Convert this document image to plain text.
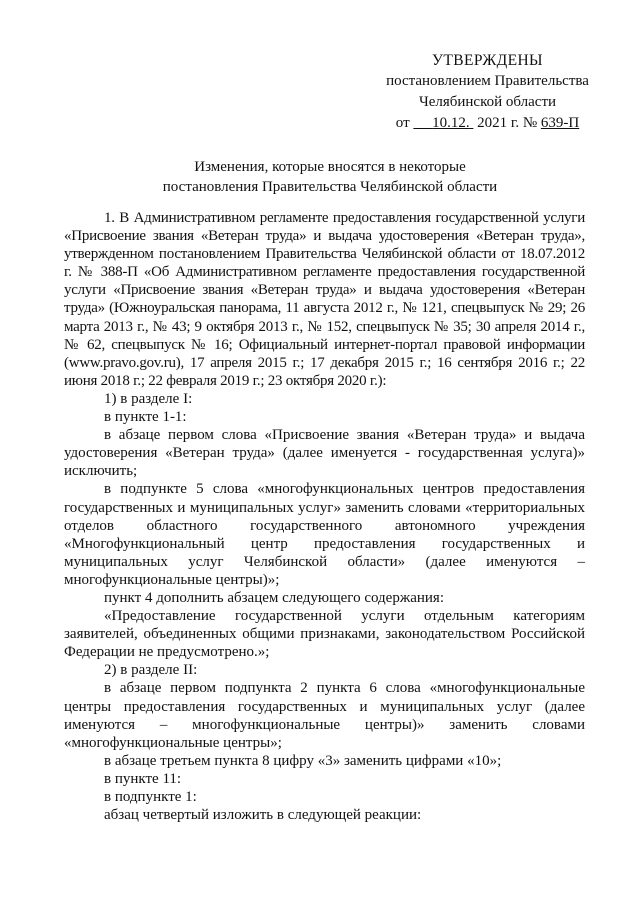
УТВЕРЖДЕНЫ
постановлением Правительства
Челябинской области
от 10.12. 2021 г. № 639-П
Изменения, которые вносятся в некоторые
постановления Правительства Челябинской области

1. В Административном регламенте предоставления государственной услуги «Присвоение звания «Ветеран труда» и выдача удостоверения «Ветеран труда», утвержденном постановлением Правительства Челябинской области от 18.07.2012 г. № 388-П «Об Административном регламенте предоставления государственной услуги «Присвоение звания «Ветеран труда» и выдача удостоверения «Ветеран труда» (Южноуральская панорама, 11 августа 2012 г., № 121, спецвыпуск № 29; 26 марта 2013 г., № 43; 9 октября 2013 г., № 152, спецвыпуск № 35; 30 апреля 2014 г., № 62, спецвыпуск № 16; Официальный интернет-портал правовой информации (www.pravo.gov.ru), 17 апреля 2015 г.; 17 декабря 2015 г.; 16 сентября 2016 г.; 22 июня 2018 г.; 22 февраля 2019 г.; 23 октября 2020 г.):

1) в разделе I:

в пункте 1-1:

в абзаце первом слова «Присвоение звания «Ветеран труда» и выдача удостоверения «Ветеран труда» (далее именуется - государственная услуга)» исключить;

в подпункте 5 слова «многофункциональных центров предоставления государственных и муниципальных услуг» заменить словами «территориальных отделов областного государственного автономного учреждения «Многофункциональный центр предоставления государственных и муниципальных услуг Челябинской области» (далее именуются – многофункциональные центры)»;

пункт 4 дополнить абзацем следующего содержания:

«Предоставление государственной услуги отдельным категориям заявителей, объединенных общими признаками, законодательством Российской Федерации не предусмотрено.»;

2) в разделе II:

в абзаце первом подпункта 2 пункта 6 слова «многофункциональные центры предоставления государственных и муниципальных услуг (далее именуются – многофункциональные центры)» заменить словами «многофункциональные центры»;

в абзаце третьем пункта 8 цифру «3» заменить цифрами «10»;

в пункте 11:

в подпункте 1:

абзац четвертый изложить в следующей реакции:
